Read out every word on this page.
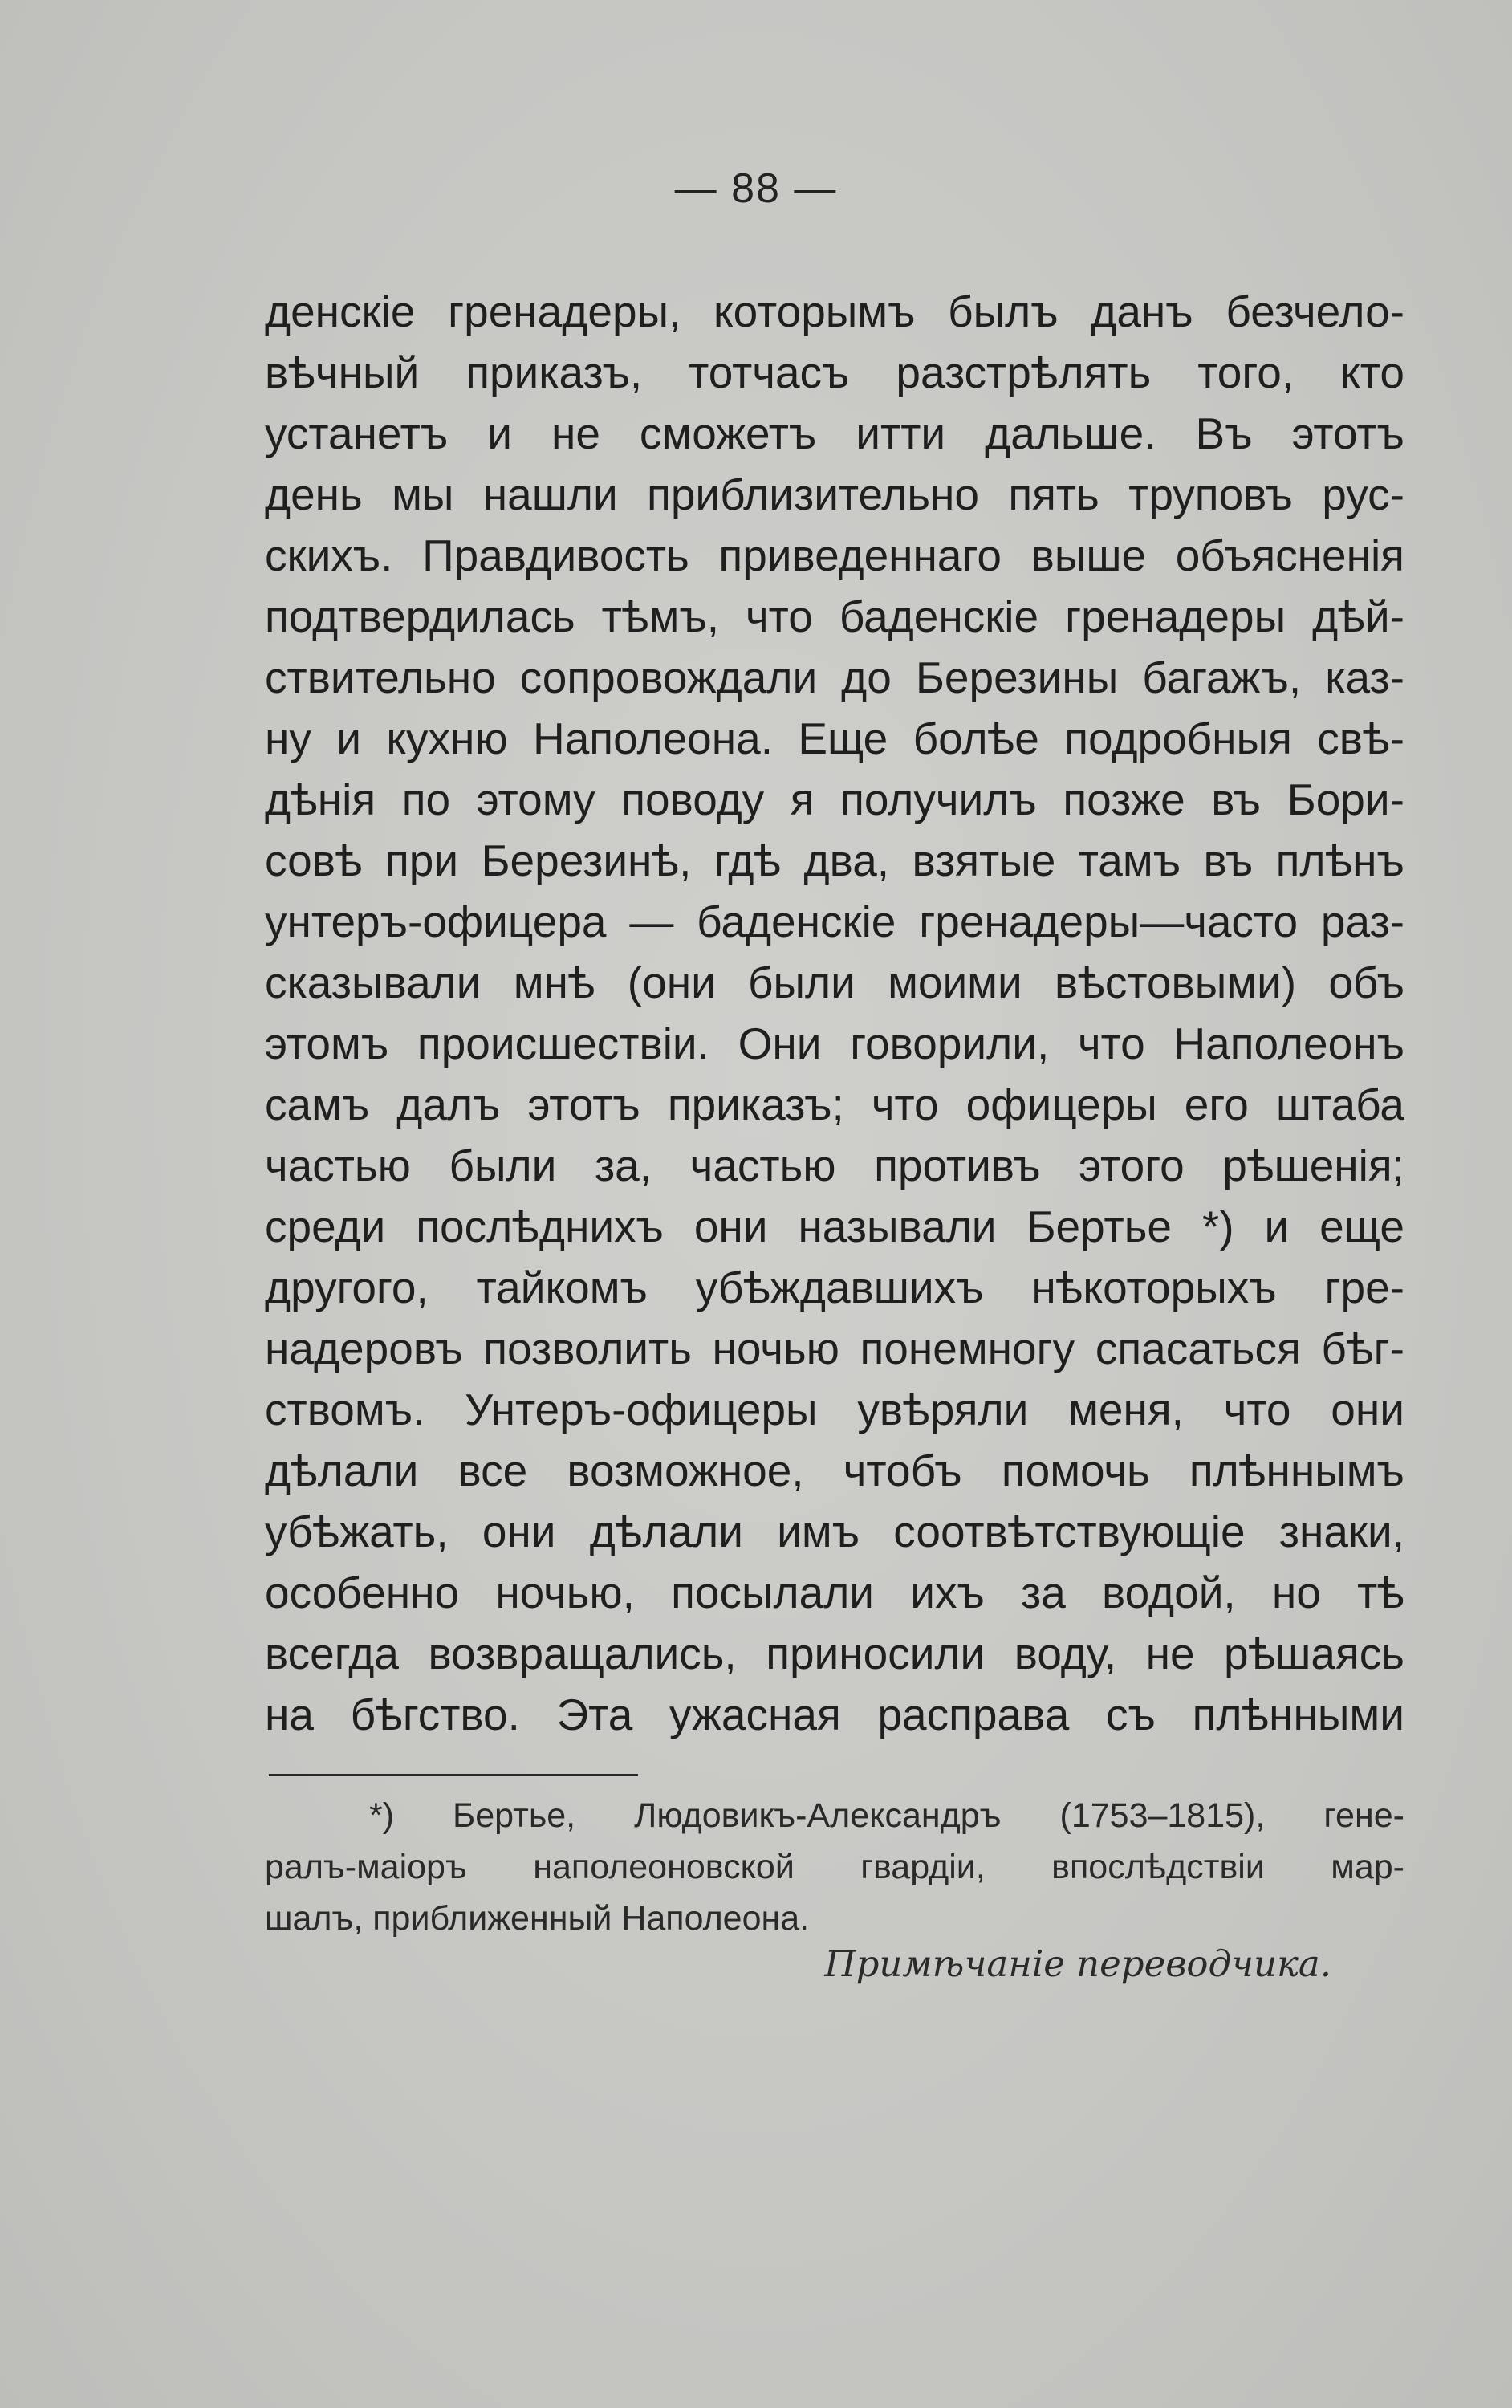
— 88 —
денскіе гренадеры, которымъ былъ данъ безчело-
вѣчный приказъ, тотчасъ разстрѣлять того, кто
устанетъ и не сможетъ итти дальше. Въ этотъ
день мы нашли приблизительно пять труповъ рус-
скихъ. Правдивость приведеннаго выше объясненія
подтвердилась тѣмъ, что баденскіе гренадеры дѣй-
ствительно сопровождали до Березины багажъ, каз-
ну и кухню Наполеона. Еще болѣе подробныя свѣ-
дѣнія по этому поводу я получилъ позже въ Бори-
совѣ при Березинѣ, гдѣ два, взятые тамъ въ плѣнъ
унтеръ-офицера — баденскіе гренадеры—часто раз-
сказывали мнѣ (они были моими вѣстовыми) объ
этомъ происшествіи. Они говорили, что Наполеонъ
самъ далъ этотъ приказъ; что офицеры его штаба
частью были за, частью противъ этого рѣшенія;
среди послѣднихъ они называли Бертье *) и еще
другого, тайкомъ убѣждавшихъ нѣкоторыхъ гре-
надеровъ позволить ночью понемногу спасаться бѣг-
ствомъ. Унтеръ-офицеры увѣряли меня, что они
дѣлали все возможное, чтобъ помочь плѣннымъ
убѣжать, они дѣлали имъ соотвѣтствующіе знаки,
особенно ночью, посылали ихъ за водой, но тѣ
всегда возвращались, приносили воду, не рѣшаясь
на бѣгство. Эта ужасная расправа съ плѣнными
*) Бертье, Людовикъ-Александръ (1753–1815), гене-
ралъ-маіоръ наполеоновской гвардіи, впослѣдствіи мар-
шалъ, приближенный Наполеона.
Примѣчаніе переводчика.
